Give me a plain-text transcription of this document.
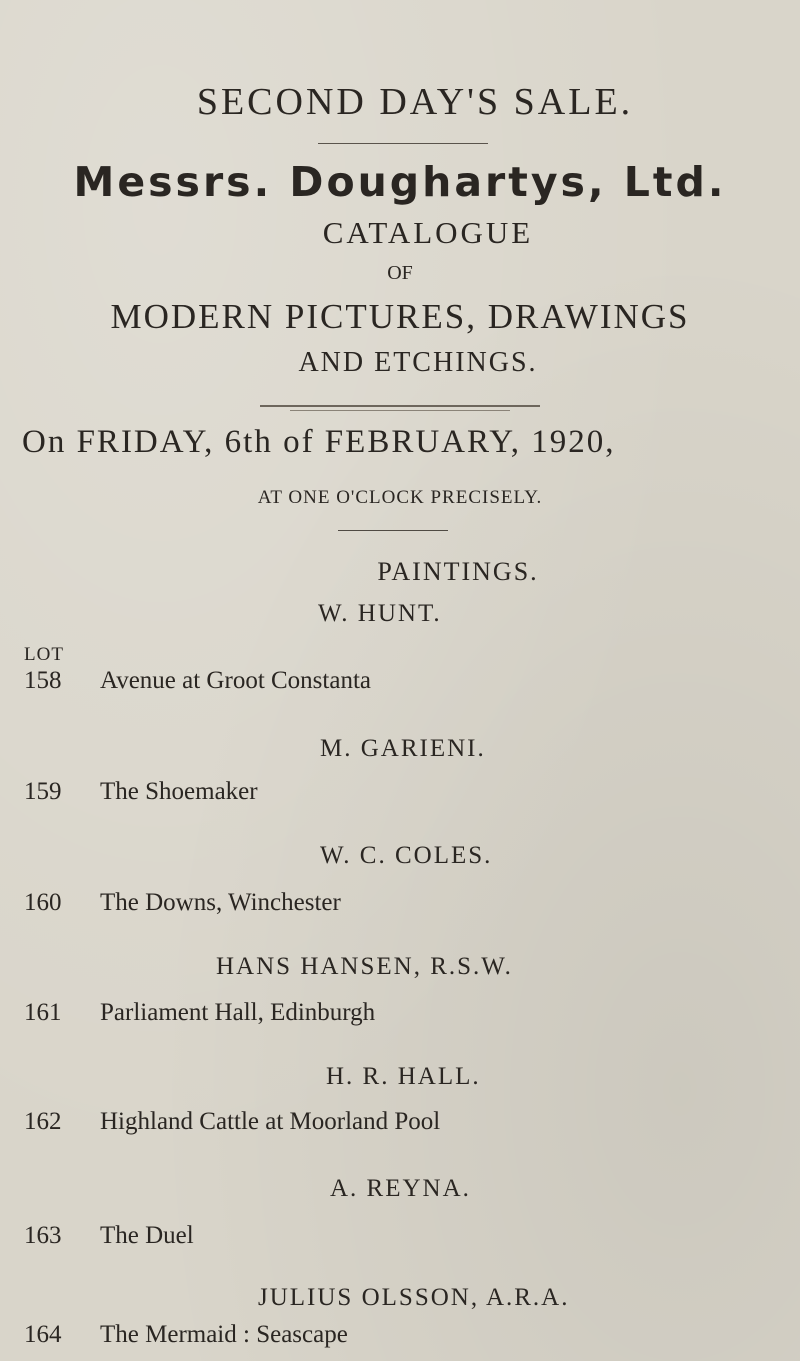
SECOND DAY'S SALE.
Messrs. Doughartys, Ltd.
CATALOGUE
OF
MODERN PICTURES, DRAWINGS
AND ETCHINGS.
On FRIDAY, 6th of FEBRUARY, 1920,
AT ONE O'CLOCK PRECISELY.
PAINTINGS.
LOT
W. HUNT.
158 Avenue at Groot Constanta
M. GARIENI.
159 The Shoemaker
W. C. COLES.
160 The Downs, Winchester
HANS HANSEN, R.S.W.
161 Parliament Hall, Edinburgh
H. R. HALL.
162 Highland Cattle at Moorland Pool
A. REYNA.
163 The Duel
JULIUS OLSSON, A.R.A.
164 The Mermaid : Seascape
